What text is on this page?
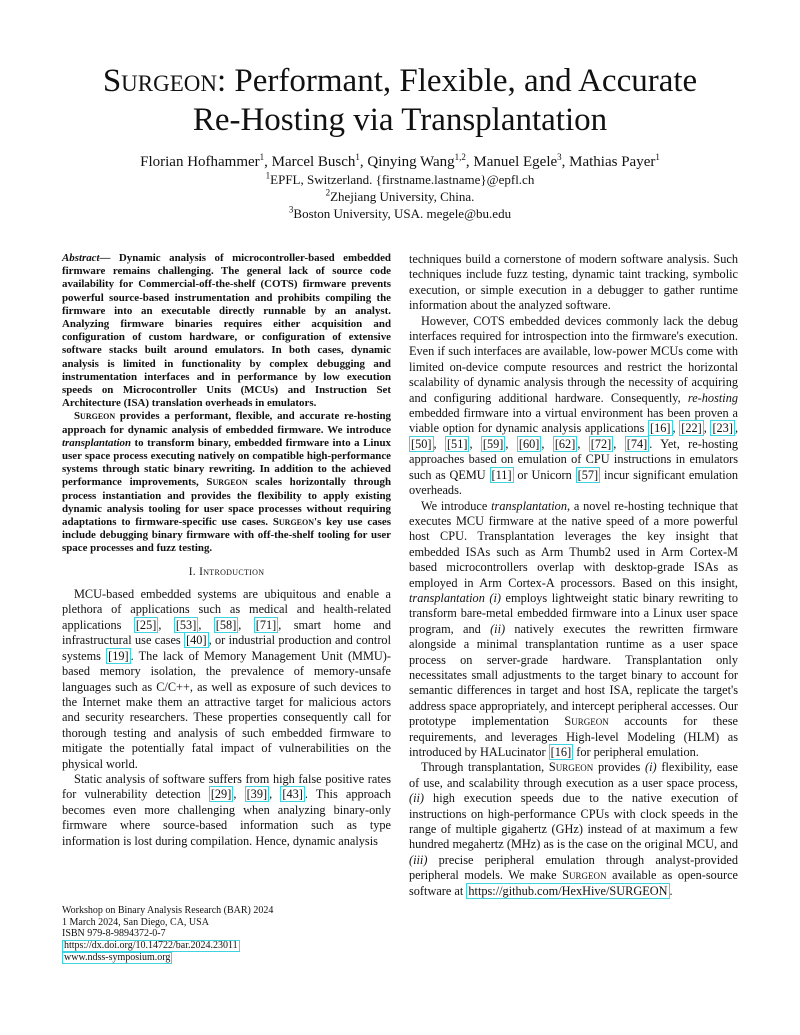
Surgeon: Performant, Flexible, and Accurate
Re-Hosting via Transplantation
Florian Hofhammer$^1$, Marcel Busch$^1$, Qinying Wang$^{1,2}$, Manuel Egele$^3$, Mathias Payer$^1$
$^1$EPFL, Switzerland. {firstname.lastname}@epfl.ch
$^2$Zhejiang University, China.
$^3$Boston University, USA. megele@bu.edu

Abstract— Dynamic analysis of microcontroller-based embedded firmware remains challenging. The general lack of source code availability for Commercial-off-the-shelf (COTS) firmware prevents powerful source-based instrumentation and prohibits compiling the firmware into an executable directly runnable by an analyst. Analyzing firmware binaries requires either acquisition and configuration of custom hardware, or configuration of extensive software stacks built around emulators. In both cases, dynamic analysis is limited in functionality by complex debugging and instrumentation interfaces and in performance by low execution speeds on Microcontroller Units (MCUs) and Instruction Set Architecture (ISA) translation overheads in emulators.

Surgeon provides a performant, flexible, and accurate re-hosting approach for dynamic analysis of embedded firmware. We introduce transplantation to transform binary, embedded firmware into a Linux user space process executing natively on compatible high-performance systems through static binary rewriting. In addition to the achieved performance improvements, Surgeon scales horizontally through process instantiation and provides the flexibility to apply existing dynamic analysis tooling for user space processes without requiring adaptations to firmware-specific use cases. Surgeon's key use cases include debugging binary firmware with off-the-shelf tooling for user space processes and fuzz testing.

I. Introduction

MCU-based embedded systems are ubiquitous and enable a plethora of applications such as medical and health-related applications [25] , [53] , [58] , [71] , smart home and infrastructural use cases [40] , or industrial production and control systems [19] . The lack of Memory Management Unit (MMU)-based memory isolation, the prevalence of memory-unsafe languages such as C/C++, as well as exposure of such devices to the Internet make them an attractive target for malicious actors and security researchers. These properties consequently call for thorough testing and analysis of such embedded firmware to mitigate the potentially fatal impact of vulnerabilities on the physical world.

Static analysis of software suffers from high false positive rates for vulnerability detection [29] , [39] , [43] . This approach becomes even more challenging when analyzing binary-only firmware where source-based information such as type information is lost during compilation. Hence, dynamic analysis

techniques build a cornerstone of modern software analysis. Such techniques include fuzz testing, dynamic taint tracking, symbolic execution, or simple execution in a debugger to gather runtime information about the analyzed software.

However, COTS embedded devices commonly lack the debug interfaces required for introspection into the firmware's execution. Even if such interfaces are available, low-power MCUs come with limited on-device compute resources and restrict the horizontal scalability of dynamic analysis through the necessity of acquiring and configuring additional hardware. Consequently, re-hosting embedded firmware into a virtual environment has been proven a viable option for dynamic analysis applications [16] , [22] , [23] , [50] , [51] , [59] , [60] , [62] , [72] , [74] . Yet, re-hosting approaches based on emulation of CPU instructions in emulators such as QEMU [11] or Unicorn [57] incur significant emulation overheads.

We introduce transplantation, a novel re-hosting technique that executes MCU firmware at the native speed of a more powerful host CPU. Transplantation leverages the key insight that embedded ISAs such as Arm Thumb2 used in Arm Cortex-M based microcontrollers overlap with desktop-grade ISAs as employed in Arm Cortex-A processors. Based on this insight, transplantation (i) employs lightweight static binary rewriting to transform bare-metal embedded firmware into a Linux user space program, and (ii) natively executes the rewritten firmware alongside a minimal transplantation runtime as a user space process on server-grade hardware. Transplantation only necessitates small adjustments to the target binary to account for semantic differences in target and host ISA, replicate the target's address space appropriately, and intercept peripheral accesses. Our prototype implementation Surgeon accounts for these requirements, and leverages High-level Modeling (HLM) as introduced by HALucinator [16] for peripheral emulation.

Through transplantation, Surgeon provides (i) flexibility, ease of use, and scalability through execution as a user space process, (ii) high execution speeds due to the native execution of instructions on high-performance CPUs with clock speeds in the range of multiple gigahertz (GHz) instead of at maximum a few hundred megahertz (MHz) as is the case on the original MCU, and (iii) precise peripheral emulation through analyst-provided peripheral models. We make Surgeon available as open-source software at https://github.com/HexHive/SURGEON .

Workshop on Binary Analysis Research (BAR) 2024
1 March 2024, San Diego, CA, USA
ISBN 979-8-9894372-0-7
https://dx.doi.org/10.14722/bar.2024.23011
www.ndss-symposium.org
